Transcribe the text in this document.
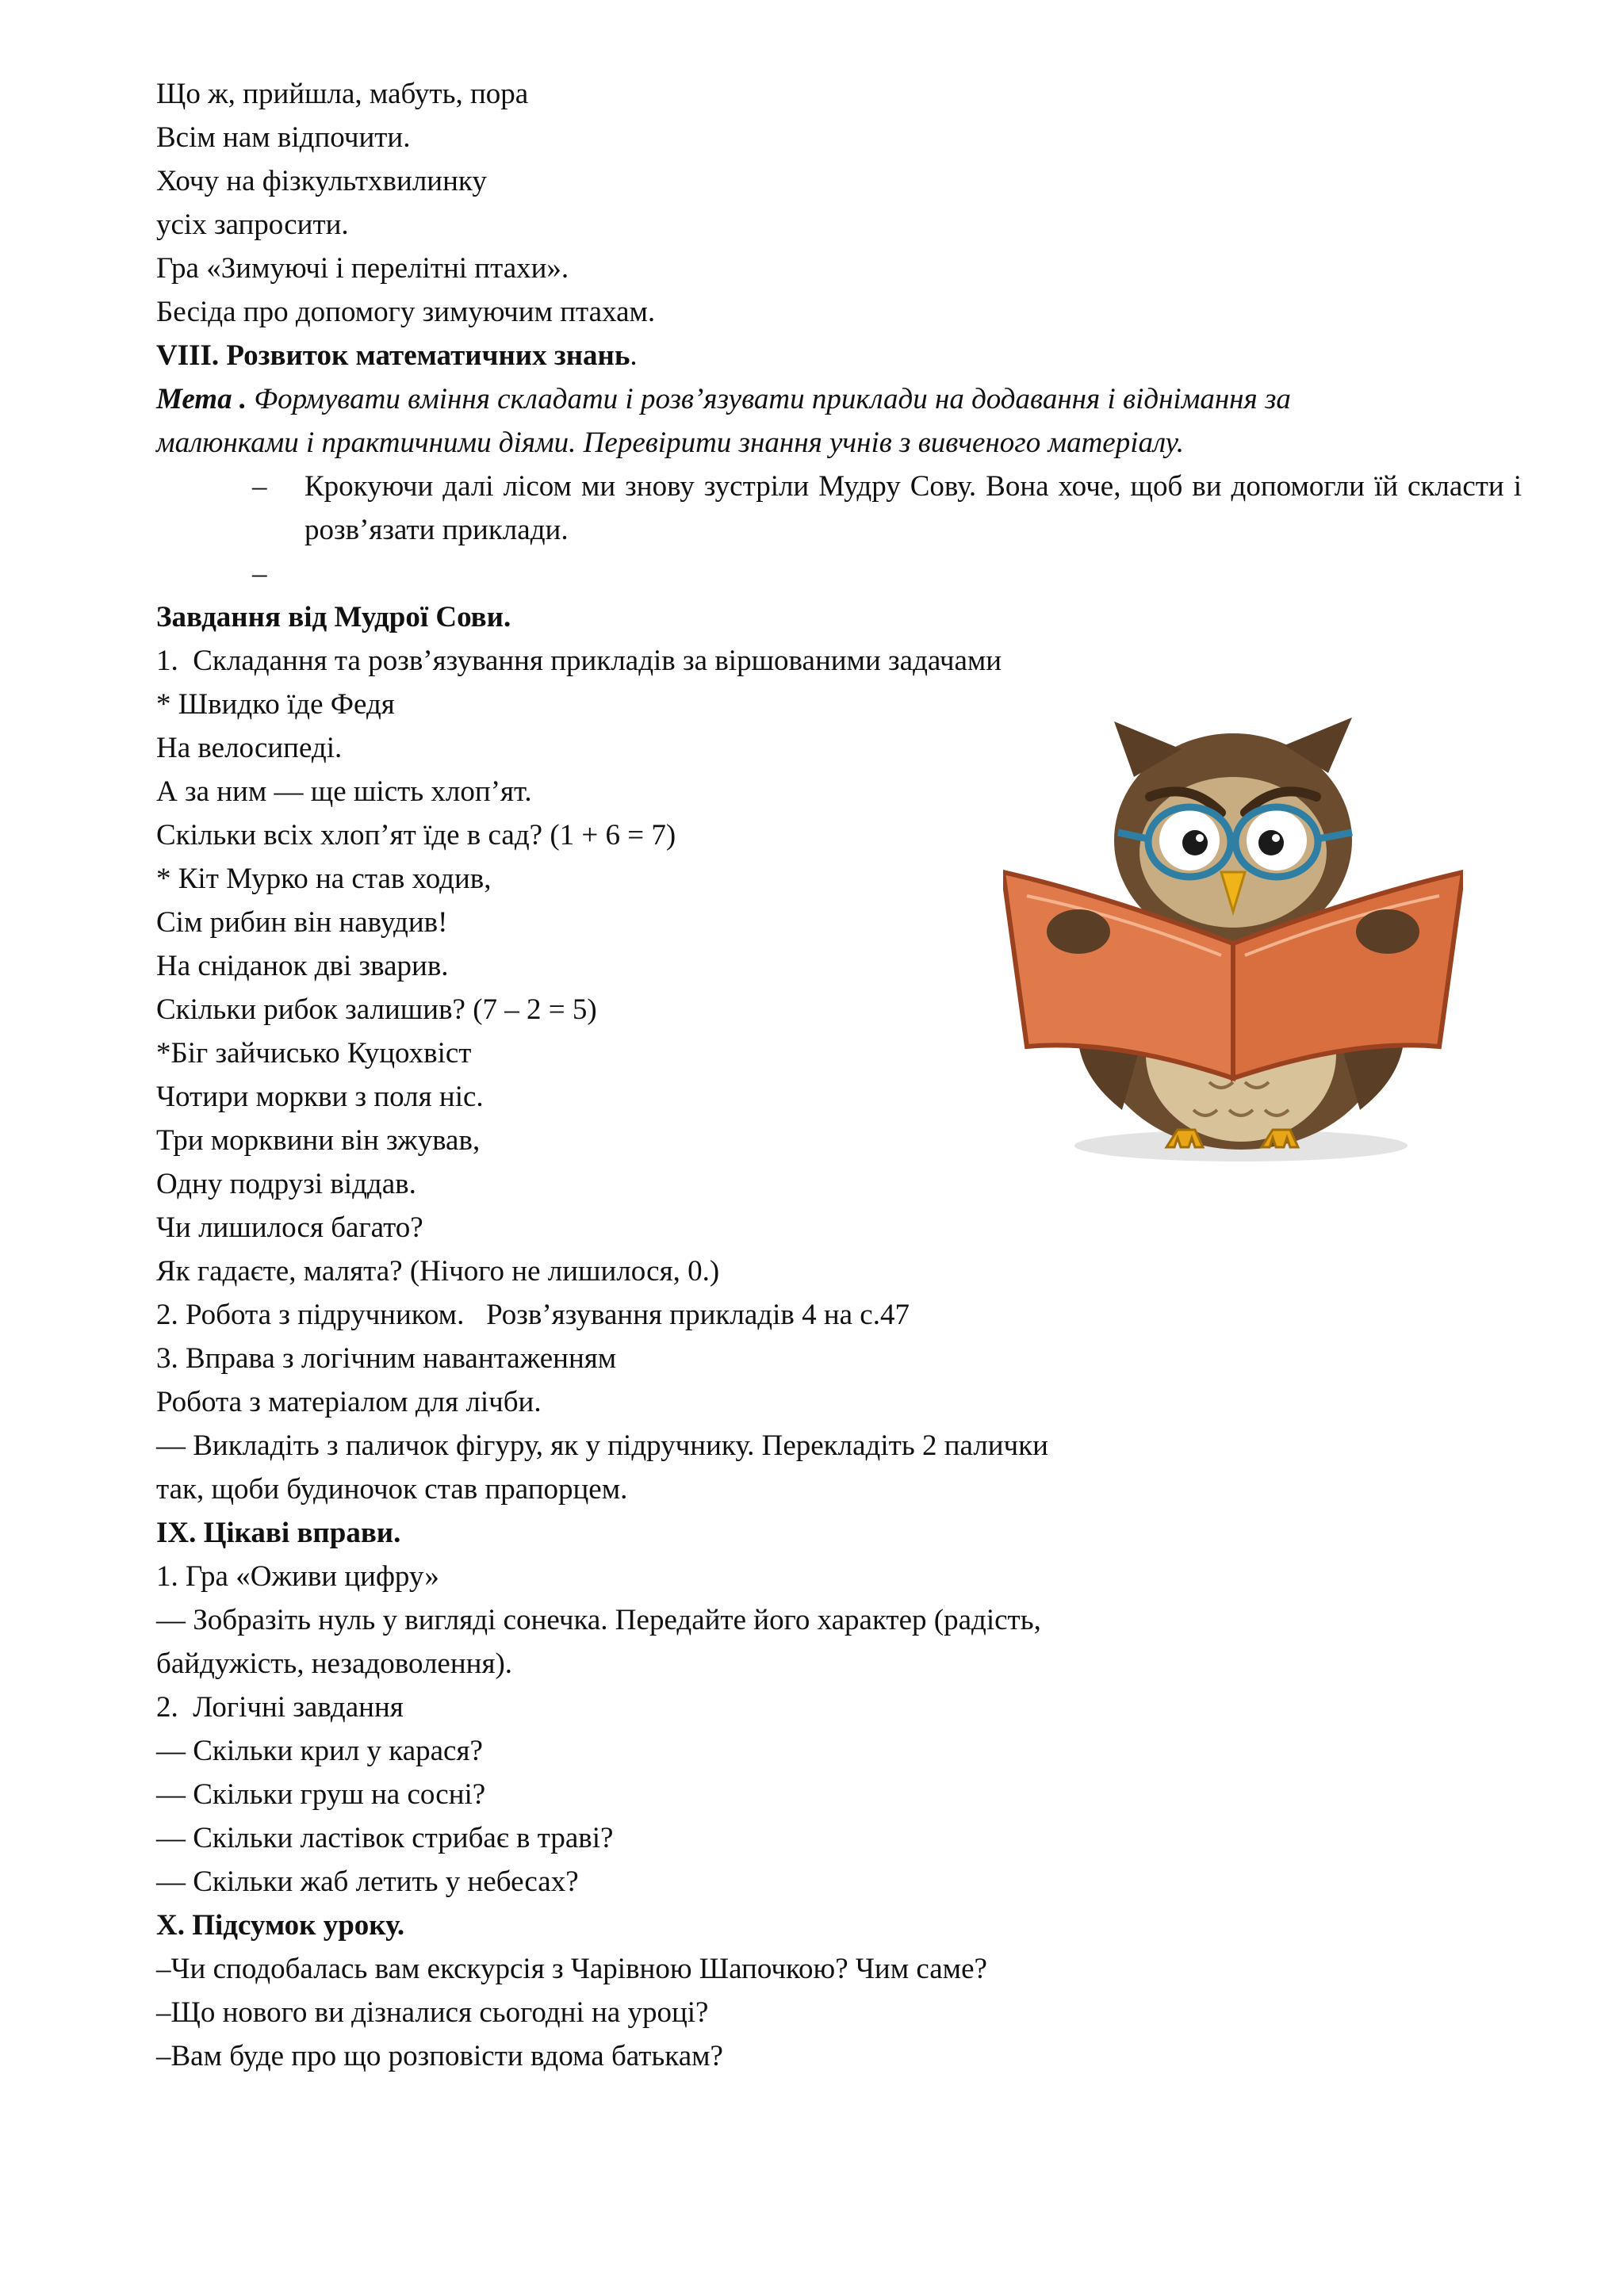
Що ж, прийшла, мабуть, пора
Всім нам відпочити.
Хочу на фізкультхвилинку
усіх запросити.
Гра «Зимуючі і перелітні птахи».
Бесіда про допомогу зимуючим птахам.
VIII. Розвиток математичних знань.
Мета . Формувати вміння складати і розв’язувати приклади на додавання і віднімання за
малюнками і практичними діями. Перевірити знання учнів з вивченого матеріалу.
– Крокуючи далі лісом ми знову зустріли Мудру Сову. Вона хоче, щоб ви допомогли їй скласти і розв’язати приклади.
–
Завдання від Мудрої Сови.
1.  Складання та розв’язування прикладів за віршованими задачами
* Швидко їде Федя
На велосипеді.
А за ним — ще шість хлоп’ят.
Скільки всіх хлоп’ят їде в сад? (1 + 6 = 7)
* Кіт Мурко на став ходив,
Сім рибин він навудив!
На сніданок дві зварив.
Скільки рибок залишив? (7 – 2 = 5)
*Біг зайчисько Куцохвіст
Чотири моркви з поля ніс.
Три морквини він зжував,
Одну подрузі віддав.
Чи лишилося багато?
Як гадаєте, малята? (Нічого не лишилося, 0.)
2. Робота з підручником.   Розв’язування прикладів 4 на с.47
3. Вправа з логічним навантаженням
Робота з матеріалом для лічби.
— Викладіть з паличок фігуру, як у підручнику. Перекладіть 2 палички
так, щоби будиночок став прапорцем.
ІХ. Цікаві вправи.
1. Гра «Оживи цифру»
— Зобразіть нуль у вигляді сонечка. Передайте його характер (радість,
байдужість, незадоволення).
2.  Логічні завдання
— Скільки крил у карася?
— Скільки груш на сосні?
— Скільки ластівок стрибає в траві?
— Скільки жаб летить у небесах?
Х. Підсумок уроку.
–Чи сподобалась вам екскурсія з Чарівною Шапочкою? Чим саме?
–Що нового ви дізналися сьогодні на уроці?
–Вам буде про що розповісти вдома батькам?
